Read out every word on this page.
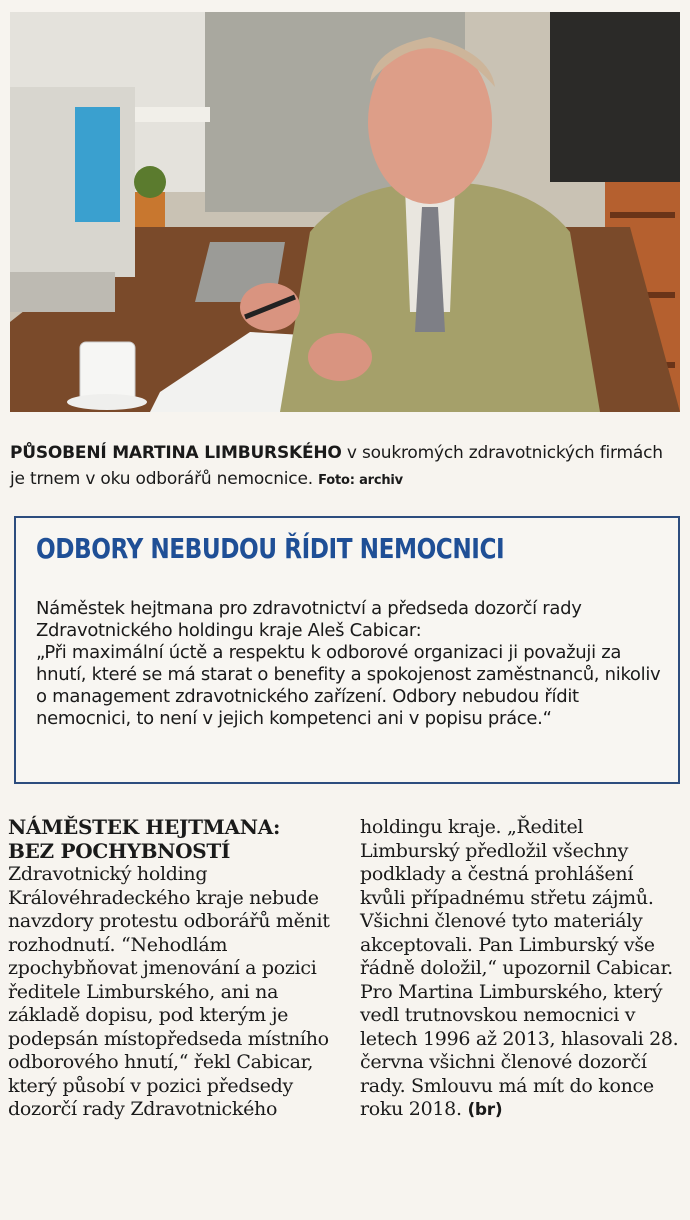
PŮSOBENÍ MARTINA LIMBURSKÉHO v soukromých zdravotnických firmách je trnem v oku odborářů nemocnice. Foto: archiv
ODBORY NEBUDOU ŘÍDIT NEMOCNICI

Náměstek hejtmana pro zdravotnictví a předseda dozorčí rady Zdravotnického holdingu kraje Aleš Cabicar:

„Při maximální úctě a respektu k odborové organizaci ji považuji za hnutí, které se má starat o benefity a spokojenost zaměstnanců, nikoliv o management zdravotnického zařízení. Odbory nebudou řídit nemocnici, to není v jejich kompetenci ani v popisu práce.“

NÁMĚSTEK HEJTMANA:
BEZ POCHYBNOSTÍ

Zdravotnický holding Královéhradeckého kraje nebude navzdory protestu odborářů měnit rozhodnutí. “Nehodlám zpochybňovat jmenování a pozici ředitele Limburského, ani na základě dopisu, pod kterým je podepsán místopředseda místního odborového hnutí,“ řekl Cabicar, který působí v pozici předsedy dozorčí rady Zdravotnického

holdingu kraje. „Ředitel Limburský předložil všechny podklady a čestná prohlášení kvůli případnému střetu zájmů. Všichni členové tyto materiály akceptovali. Pan Limburský vše řádně doložil,“ upozornil Cabicar. Pro Martina Limburského, který vedl trutnovskou nemocnici v letech 1996 až 2013, hlasovali 28. června všichni členové dozorčí rady. Smlouvu má mít do konce roku 2018. (br)
